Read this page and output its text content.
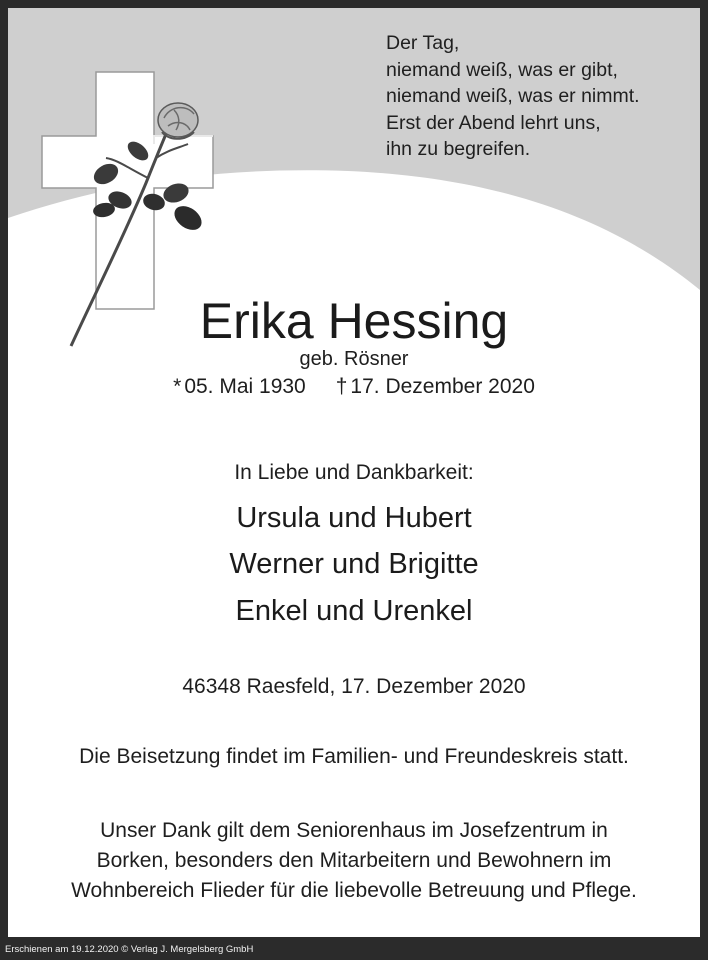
Der Tag,
niemand weiß, was er gibt,
niemand weiß, was er nimmt.
Erst der Abend lehrt uns,
ihn zu begreifen.
Erika Hessing
geb. Rösner
* 05. Mai 1930 † 17. Dezember 2020
In Liebe und Dankbarkeit:
Ursula und Hubert
Werner und Brigitte
Enkel und Urenkel
46348 Raesfeld, 17. Dezember 2020
Die Beisetzung findet im Familien- und Freundeskreis statt.
Unser Dank gilt dem Seniorenhaus im Josefzentrum in
Borken, besonders den Mitarbeitern und Bewohnern im
Wohnbereich Flieder für die liebevolle Betreuung und Pflege.
Erschienen am 19.12.2020 © Verlag J. Mergelsberg GmbH
